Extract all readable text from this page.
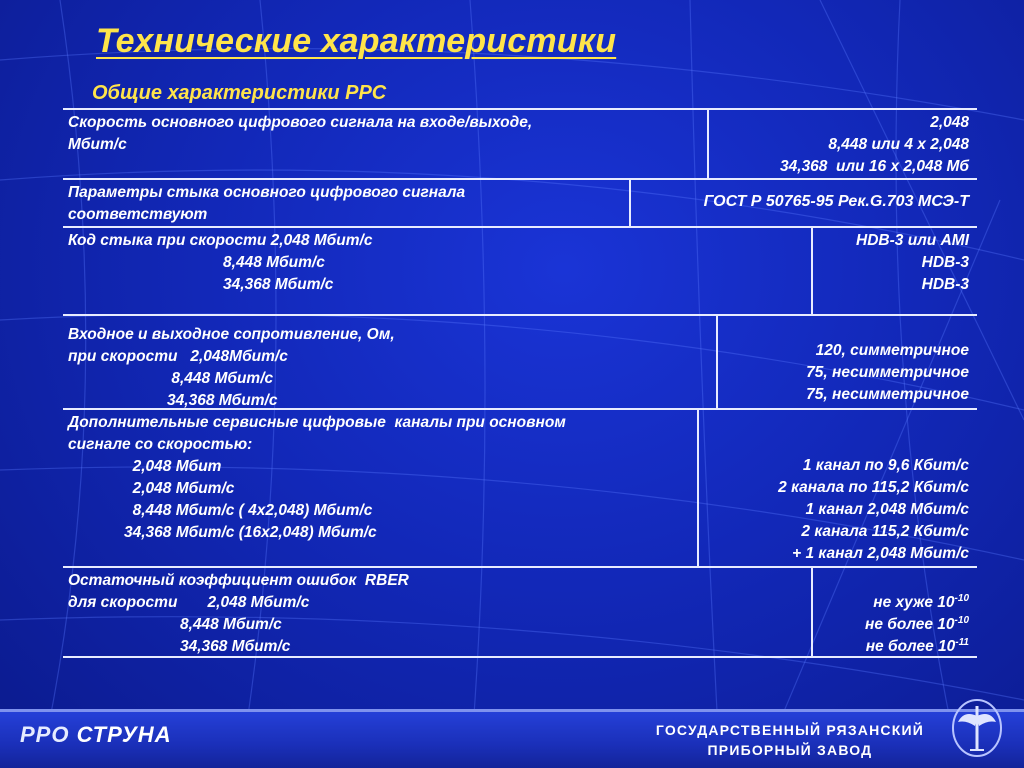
Технические характеристики
Общие характеристики РРС
Скорость основного цифрового сигнала на входе/выходе,
Мбит/с
2,048
8,448 или 4 х 2,048
34,368  или 16 х 2,048 Мб
Параметры стыка основного цифрового сигнала
соответствуют
ГОСТ Р 50765-95 Рек.G.703 МСЭ-Т
Код стыка при скорости 2,048 Мбит/с
8,448 Мбит/с
34,368 Мбит/с
HDB-3 или AMI
HDB-3
HDB-3
Входное и выходное сопротивление, Ом,
при скорости   2,048Мбит/с
8,448 Мбит/с
34,368 Мбит/с
120, симметричное
75, несимметричное
75, несимметричное
Дополнительные сервисные цифровые  каналы при основном
сигнале со скоростью:
2,048 Мбит
2,048 Мбит/с
8,448 Мбит/с ( 4х2,048) Мбит/с
34,368 Мбит/с (16х2,048) Мбит/с
1 канал по 9,6 Кбит/с
2 канала по 115,2 Кбит/с
1 канал 2,048 Мбит/с
2 канала 115,2 Кбит/с
+ 1 канал 2,048 Мбит/с
Остаточный коэффициент ошибок  RBER
для скорости       2,048 Мбит/с
8,448 Мбит/с
34,368 Мбит/с
не хуже $10^{-10}$
не более $10^{-10}$
не более $10^{-11}$
РРО СТРУНА	ГОСУДАРСТВЕННЫЙ РЯЗАНСКИЙ
ПРИБОРНЫЙ ЗАВОД
